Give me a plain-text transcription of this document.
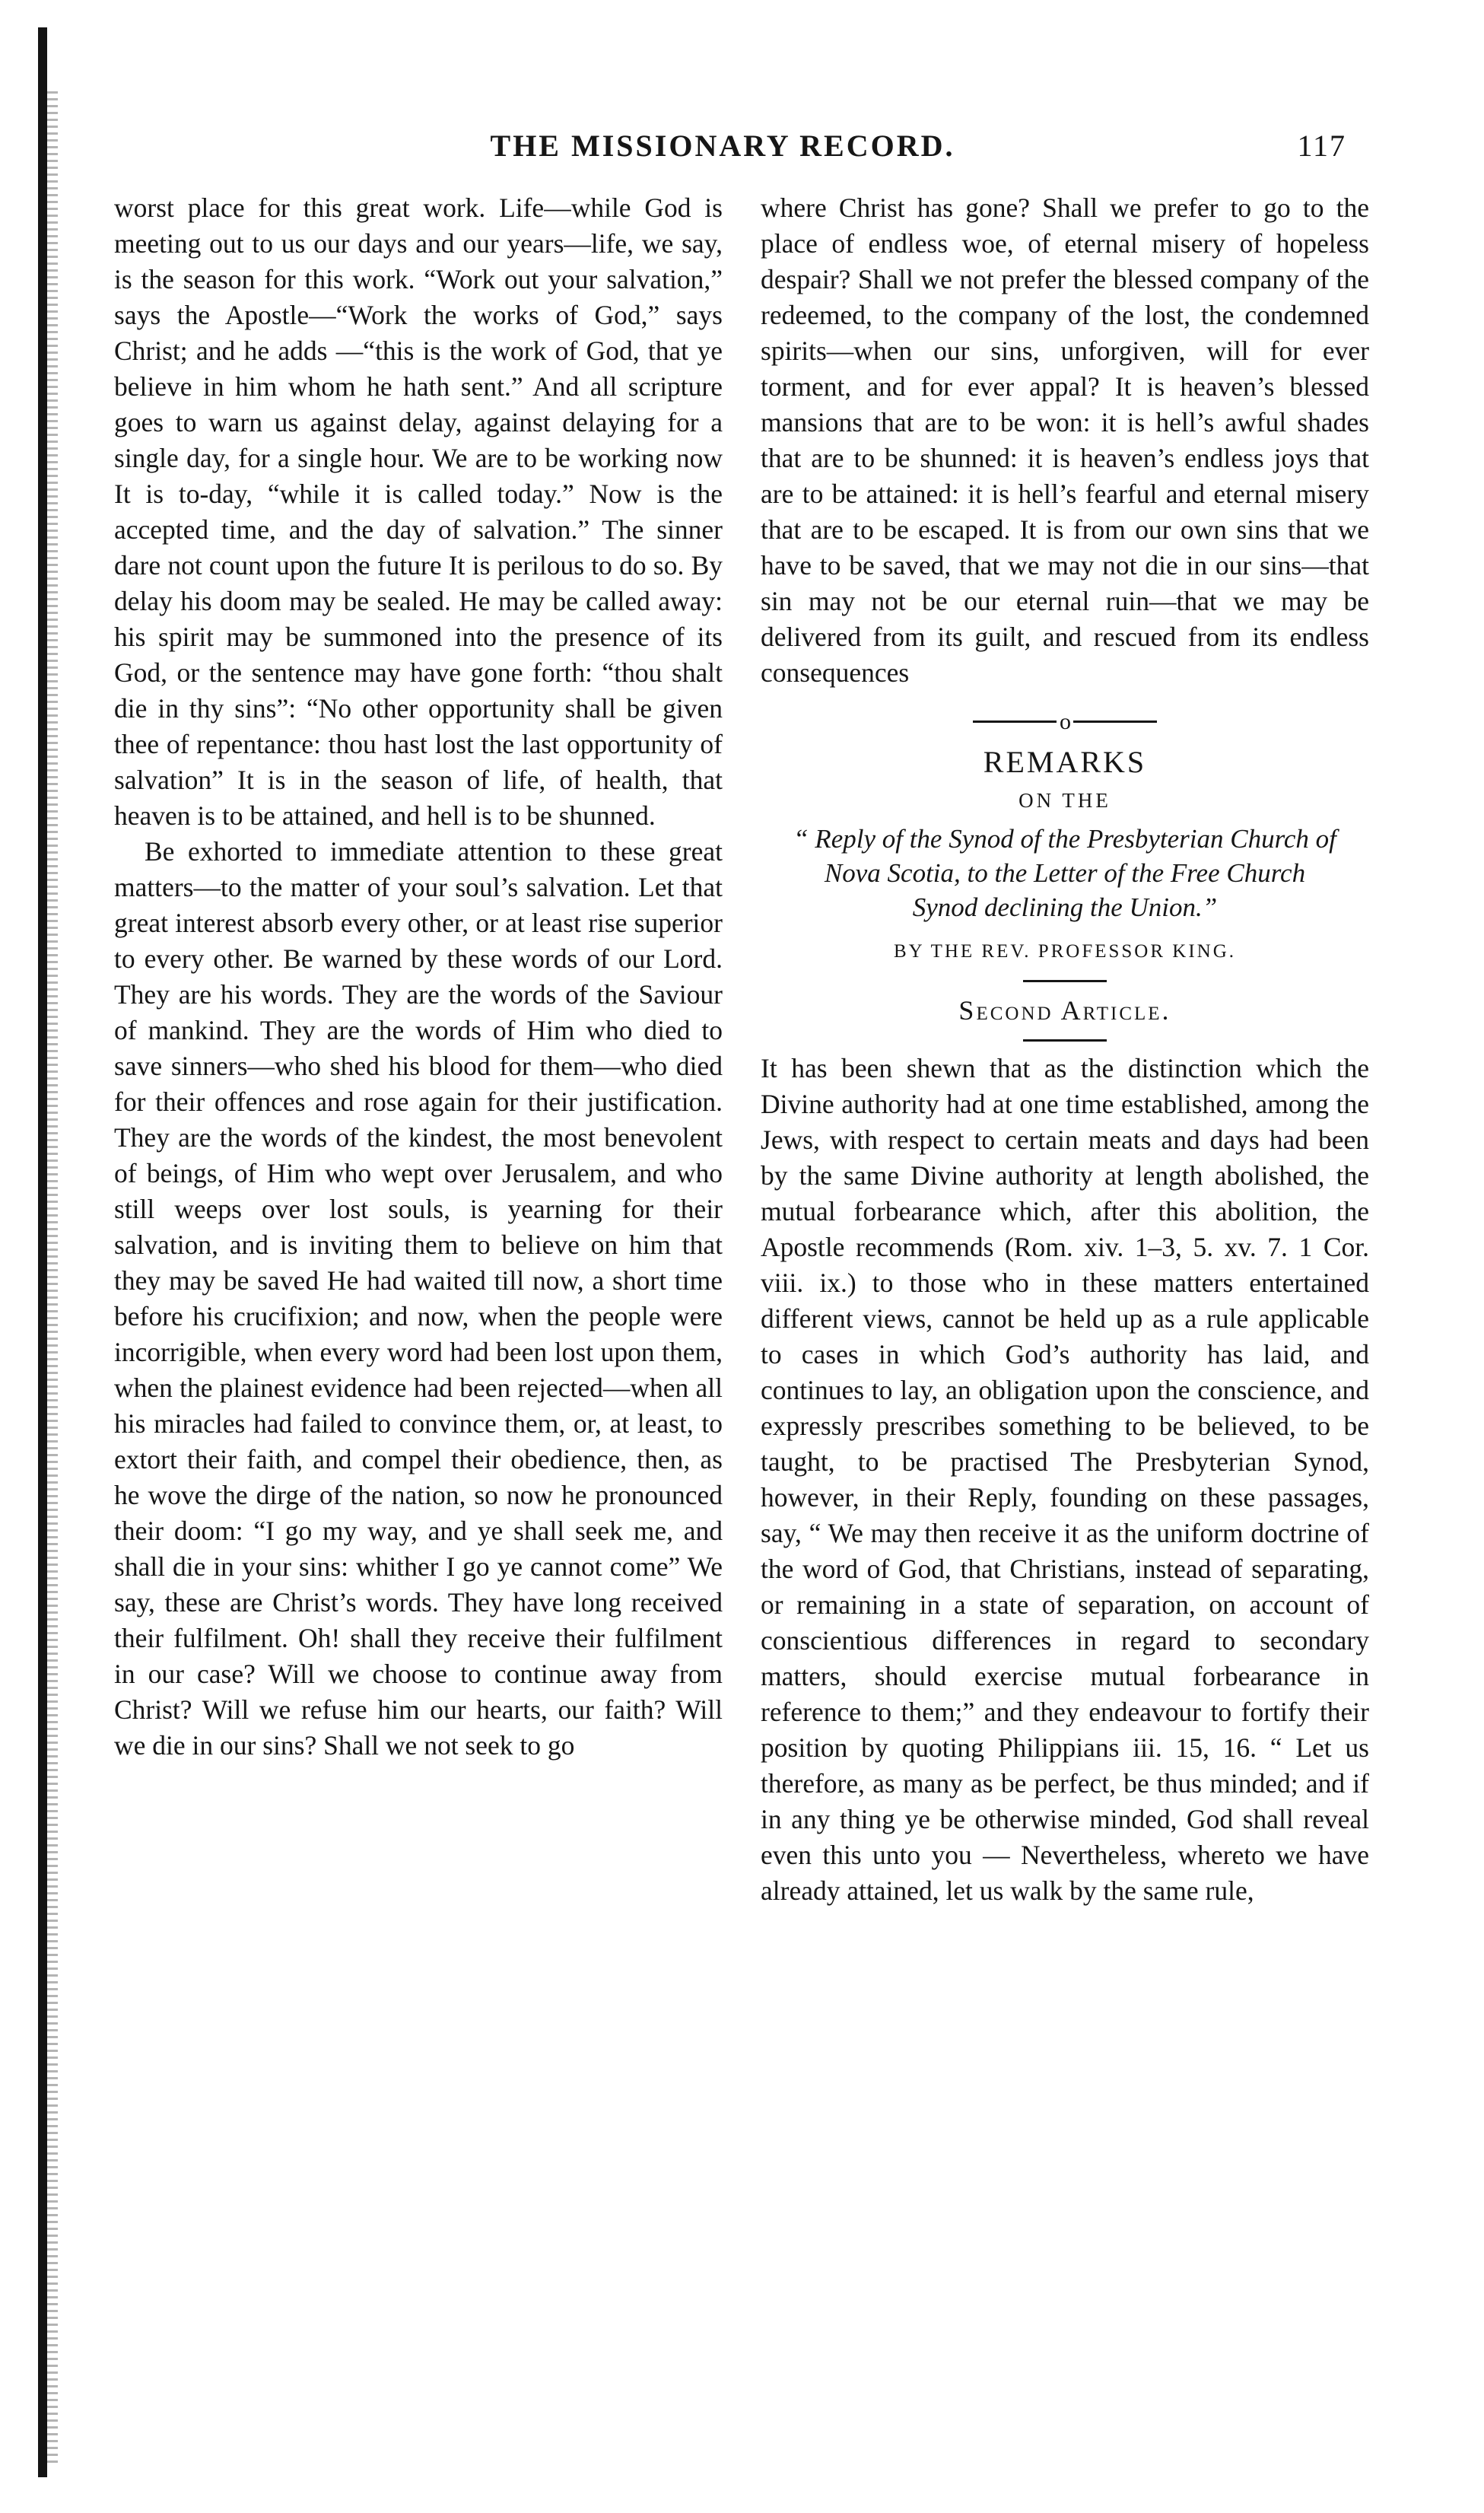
THE MISSIONARY RECORD.	117

worst place for this great work. Life—while God is meeting out to us our days and our years—life, we say, is the season for this work. “Work out your salvation,” says the Apostle—“Work the works of God,” says Christ; and he adds —“this is the work of God, that ye believe in him whom he hath sent.” And all scripture goes to warn us against delay, against delaying for a single day, for a single hour. We are to be working now It is to-day, “while it is called today.” Now is the accepted time, and the day of salvation.” The sinner dare not count upon the future It is perilous to do so. By delay his doom may be sealed. He may be called away: his spirit may be summoned into the presence of its God, or the sentence may have gone forth: “thou shalt die in thy sins”: “No other opportunity shall be given thee of repentance: thou hast lost the last opportunity of salvation” It is in the season of life, of health, that heaven is to be attained, and hell is to be shunned.

Be exhorted to immediate attention to these great matters—to the matter of your soul’s salvation. Let that great interest absorb every other, or at least rise superior to every other. Be warned by these words of our Lord. They are his words. They are the words of the Saviour of mankind. They are the words of Him who died to save sinners—who shed his blood for them—who died for their offences and rose again for their justification. They are the words of the kindest, the most benevolent of beings, of Him who wept over Jerusalem, and who still weeps over lost souls, is yearning for their salvation, and is inviting them to believe on him that they may be saved He had waited till now, a short time before his crucifixion; and now, when the people were incorrigible, when every word had been lost upon them, when the plainest evidence had been rejected—when all his miracles had failed to convince them, or, at least, to extort their faith, and compel their obedience, then, as he wove the dirge of the nation, so now he pronounced their doom: “I go my way, and ye shall seek me, and shall die in your sins: whither I go ye cannot come” We say, these are Christ’s words. They have long received their fulfilment. Oh! shall they receive their fulfilment in our case? Will we choose to continue away from Christ? Will we refuse him our hearts, our faith? Will we die in our sins? Shall we not seek to go

where Christ has gone? Shall we prefer to go to the place of endless woe, of eternal misery of hopeless despair? Shall we not prefer the blessed company of the redeemed, to the company of the lost, the condemned spirits—when our sins, unforgiven, will for ever torment, and for ever appal? It is heaven’s blessed mansions that are to be won: it is hell’s awful shades that are to be shunned: it is heaven’s endless joys that are to be attained: it is hell’s fearful and eternal misery that are to be escaped. It is from our own sins that we have to be saved, that we may not die in our sins—that sin may not be our eternal ruin—that we may be delivered from its guilt, and rescued from its endless consequences

o
REMARKS
ON THE
“ Reply of the Synod of the Presbyterian Church of Nova Scotia, to the Letter of the Free Church Synod declining the Union.”
BY THE REV. PROFESSOR KING.
Second Article.

It has been shewn that as the distinction which the Divine authority had at one time established, among the Jews, with respect to certain meats and days had been by the same Divine authority at length abolished, the mutual forbearance which, after this abolition, the Apostle recommends (Rom. xiv. 1–3, 5. xv. 7. 1 Cor. viii. ix.) to those who in these matters entertained different views, cannot be held up as a rule applicable to cases in which God’s authority has laid, and continues to lay, an obligation upon the conscience, and expressly prescribes something to be believed, to be taught, to be practised The Presbyterian Synod, however, in their Reply, founding on these passages, say, “ We may then receive it as the uniform doctrine of the word of God, that Christians, instead of separating, or remaining in a state of separation, on account of conscientious differences in regard to secondary matters, should exercise mutual forbearance in reference to them;” and they endeavour to fortify their position by quoting Philippians iii. 15, 16. “ Let us therefore, as many as be perfect, be thus minded; and if in any thing ye be otherwise minded, God shall reveal even this unto you — Nevertheless, whereto we have already attained, let us walk by the same rule,
